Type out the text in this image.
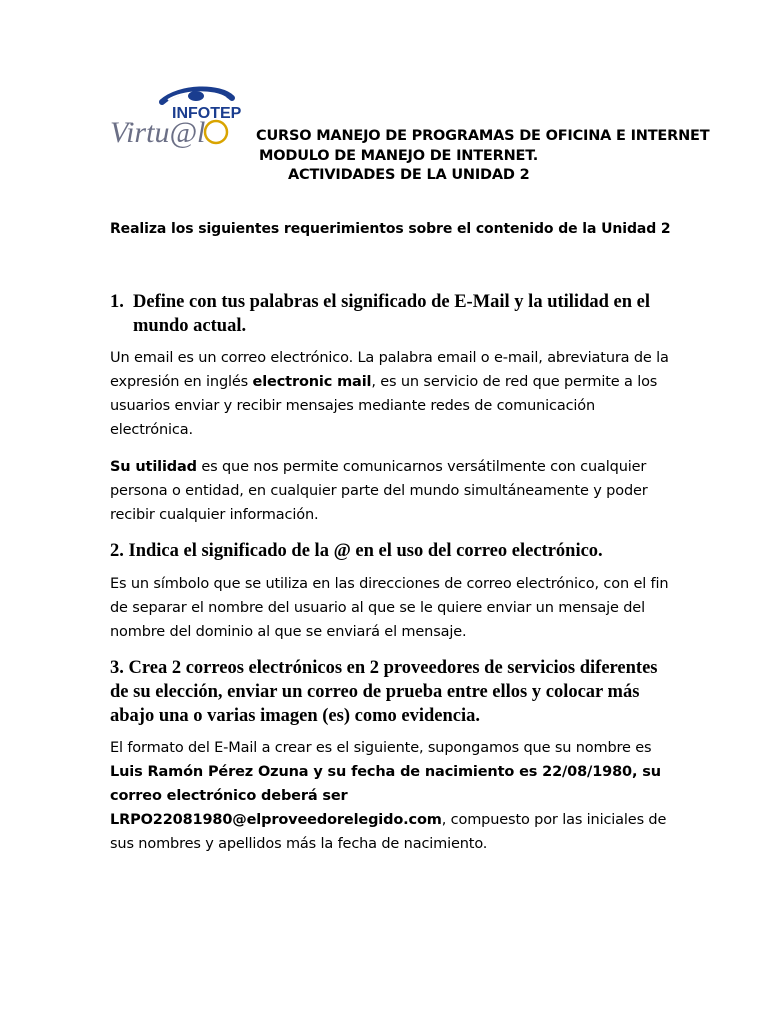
INFOTEP
Virtu@l	CURSO MANEJO DE PROGRAMAS DE OFICINA E INTERNET
MODULO DE MANEJO DE INTERNET.
ACTIVIDADES DE LA UNIDAD 2
Realiza los siguientes requerimientos sobre el contenido de la Unidad 2
1. Define con tus palabras el significado de E-Mail y la utilidad en el mundo actual.
Un email es un correo electrónico. La palabra email o e-mail, abreviatura de la expresión en inglés electronic mail, es un servicio de red que permite a los usuarios enviar y recibir mensajes mediante redes de comunicación electrónica.
Su utilidad es que nos permite comunicarnos versátilmente con cualquier persona o entidad, en cualquier parte del mundo simultáneamente y poder recibir cualquier información.
2. Indica el significado de la @ en el uso del correo electrónico.
Es un símbolo que se utiliza en las direcciones de correo electrónico, con el fin de separar el nombre del usuario al que se le quiere enviar un mensaje del nombre del dominio al que se enviará el mensaje.
3. Crea 2 correos electrónicos en 2 proveedores de servicios diferentes de su elección, enviar un correo de prueba entre ellos y colocar más abajo una o varias imagen (es) como evidencia.
El formato del E-Mail a crear es el siguiente, supongamos que su nombre es Luis Ramón Pérez Ozuna y su fecha de nacimiento es 22/08/1980, su correo electrónico deberá ser LRPO22081980@elproveedorelegido.com, compuesto por las iniciales de sus nombres y apellidos más la fecha de nacimiento.
